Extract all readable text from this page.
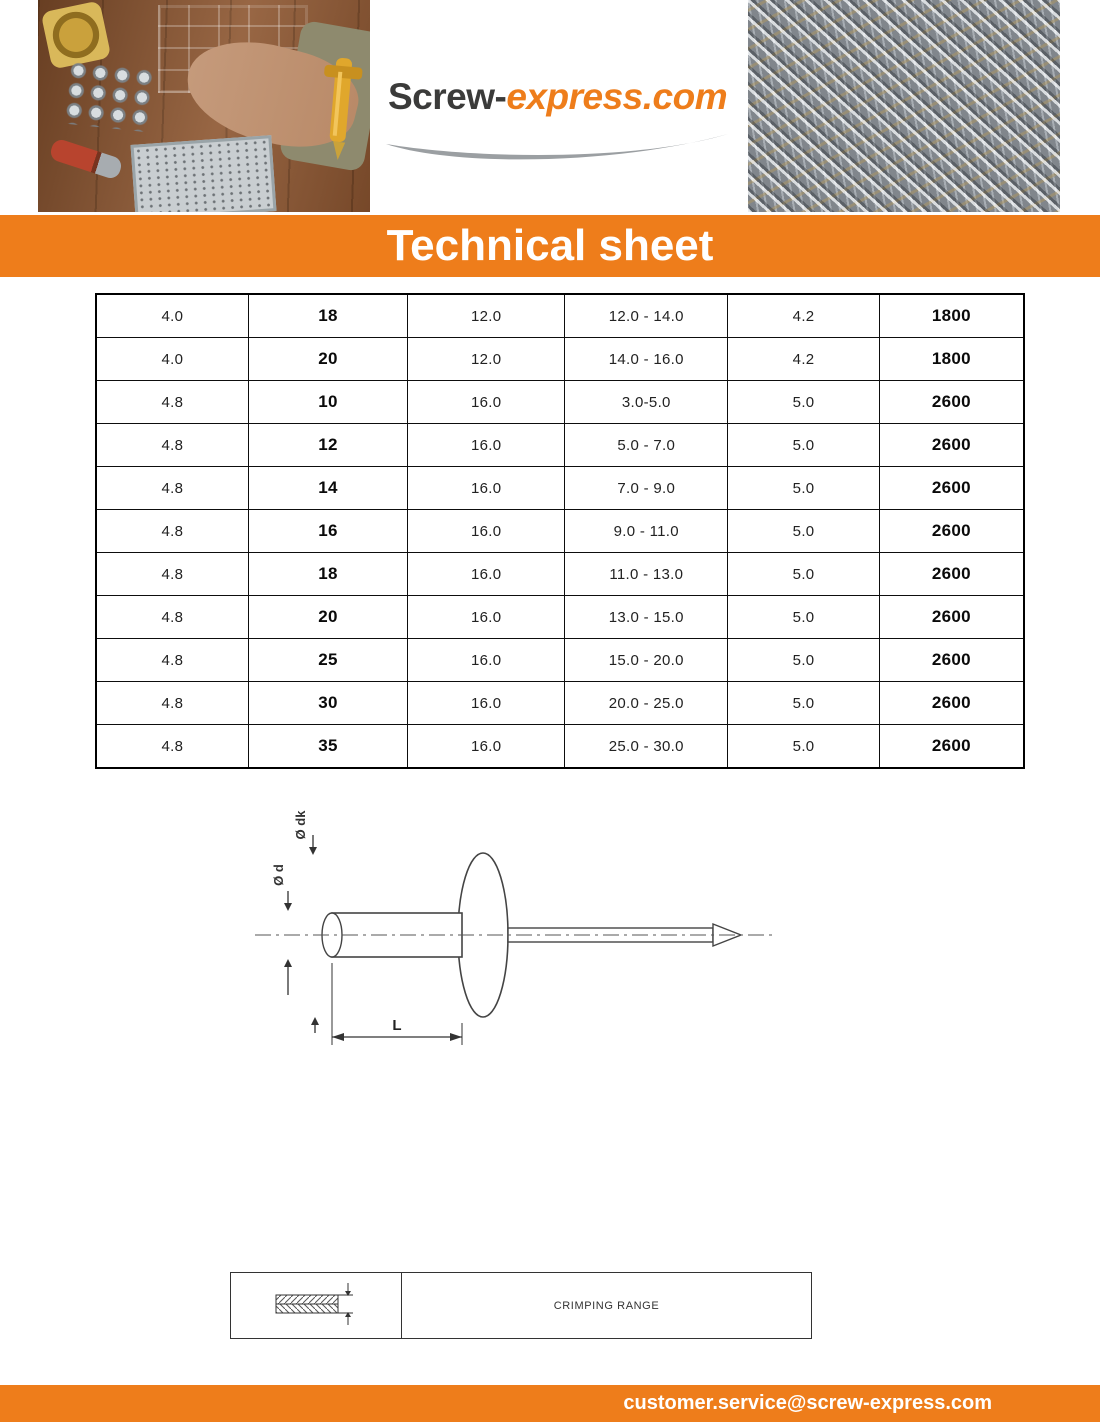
Screw-express.com
Technical sheet
4.0	18	12.0	12.0 - 14.0	4.2	1800
4.0	20	12.0	14.0 - 16.0	4.2	1800
4.8	10	16.0	3.0-5.0	5.0	2600
4.8	12	16.0	5.0 - 7.0	5.0	2600
4.8	14	16.0	7.0 - 9.0	5.0	2600
4.8	16	16.0	9.0 - 11.0	5.0	2600
4.8	18	16.0	11.0 - 13.0	5.0	2600
4.8	20	16.0	13.0 - 15.0	5.0	2600
4.8	25	16.0	15.0 - 20.0	5.0	2600
4.8	30	16.0	20.0 - 25.0	5.0	2600
4.8	35	16.0	25.0 - 30.0	5.0	2600
Ø dk
Ø d
L
CRIMPING RANGE
customer.service@screw-express.com
